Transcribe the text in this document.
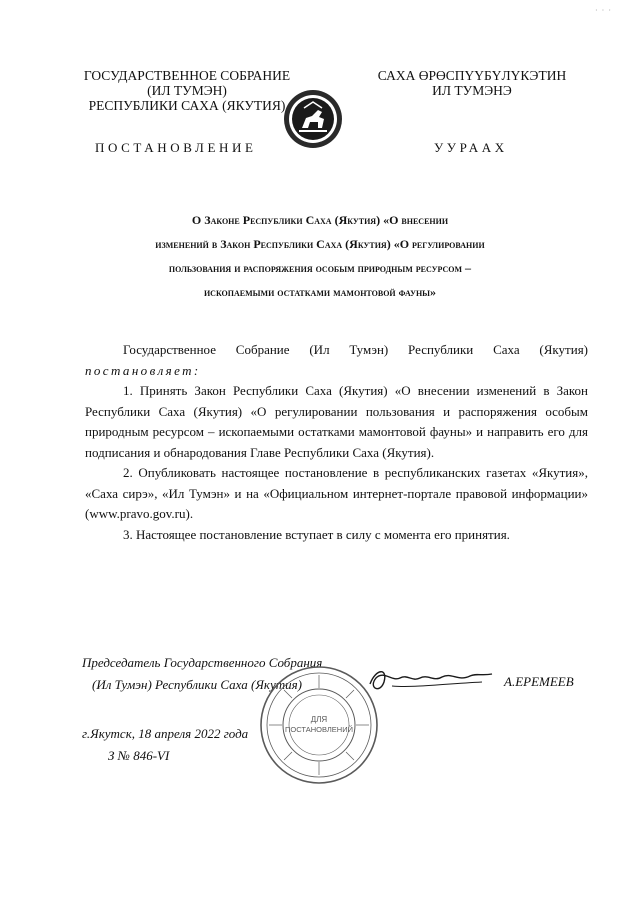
· · ·
ГОСУДАРСТВЕННОЕ СОБРАНИЕ
(ИЛ ТУМЭН)
РЕСПУБЛИКИ САХА (ЯКУТИЯ)
САХА ӨРӨСПҮҮБҮЛҮКЭТИН
ИЛ ТУМЭНЭ
ПОСТАНОВЛЕНИЕ	УУРААХ
О Законе Республики Саха (Якутия) «О внесении
изменений в Закон Республики Саха (Якутия) «О регулировании
пользования и распоряжения особым природным ресурсом –
ископаемыми остатками мамонтовой фауны»

Государственное Собрание (Ил Тумэн) Республики Саха (Якутия)

постановляет:

1. Принять Закон Республики Саха (Якутия) «О внесении изменений в Закон Республики Саха (Якутия) «О регулировании пользования и распоряжения особым природным ресурсом – ископаемыми остатками мамонтовой фауны» и направить его для подписания и обнародования Главе Республики Саха (Якутия).

2. Опубликовать настоящее постановление в республиканских газетах «Якутия», «Саха сирэ», «Ил Тумэн» и на «Официальном интернет-портале правовой информации» (www.pravo.gov.ru).

3. Настоящее постановление вступает в силу с момента его принятия.

Председатель Государственного Собрания
(Ил Тумэн) Республики Саха (Якутия)	А.ЕРЕМЕЕВ
г.Якутск, 18 апреля 2022 года
З № 846-VI
ДЛЯ
ПОСТАНОВЛЕНИЙ
